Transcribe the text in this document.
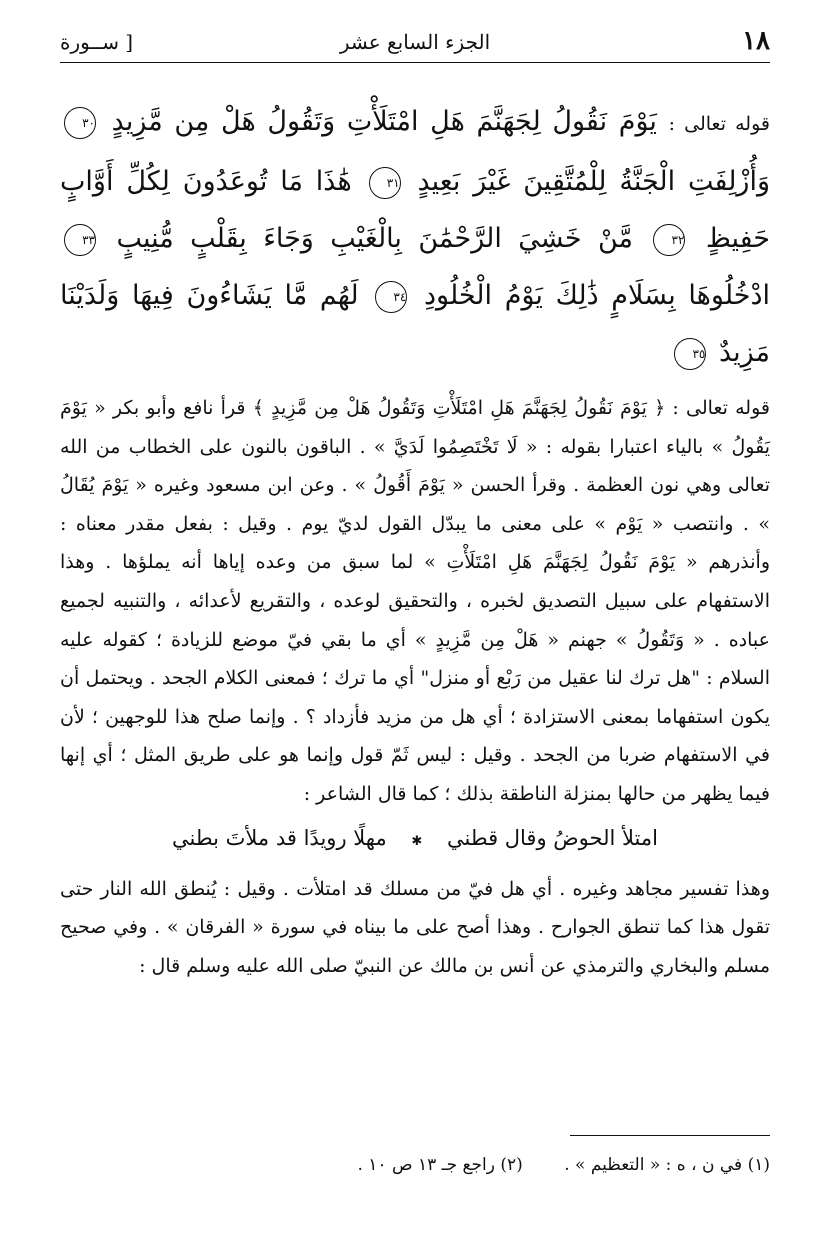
١٨
الجزء السابع عشر
[ ســورة
قوله تعالى : يَوْمَ نَقُولُ لِجَهَنَّمَ هَلِ امْتَلَأْتِ وَتَقُولُ هَلْ مِن مَّزِيدٍ ٣٠ وَأُزْلِفَتِ الْجَنَّةُ لِلْمُتَّقِينَ غَيْرَ بَعِيدٍ ٣١ هَٰذَا مَا تُوعَدُونَ لِكُلِّ أَوَّابٍ حَفِيظٍ ٣٢ مَّنْ خَشِيَ الرَّحْمَٰنَ بِالْغَيْبِ وَجَاءَ بِقَلْبٍ مُّنِيبٍ ٣٣ ادْخُلُوهَا بِسَلَامٍ ذَٰلِكَ يَوْمُ الْخُلُودِ ٣٤ لَهُم مَّا يَشَاءُونَ فِيهَا وَلَدَيْنَا مَزِيدٌ ٣٥

قوله تعالى : ﴿ يَوْمَ نَقُولُ لِجَهَنَّمَ هَلِ امْتَلَأْتِ وَتَقُولُ هَلْ مِن مَّزِيدٍ ﴾ قرأ نافع وأبو بكر « يَوْمَ يَقُولُ » بالياء اعتبارا بقوله : « لَا تَخْتَصِمُوا لَدَيَّ » . الباقون بالنون على الخطاب من الله تعالى وهي نون العظمة . وقرأ الحسن « يَوْمَ أَقُولُ » . وعن ابن مسعود وغيره « يَوْمَ يُقَالُ » . وانتصب « يَوْم » على معنى ما يبدّل القول لديّ يوم . وقيل : بفعل مقدر معناه : وأنذرهم « يَوْمَ نَقُولُ لِجَهَنَّمَ هَلِ امْتَلَأْتِ » لما سبق من وعده إياها أنه يملؤها . وهذا الاستفهام على سبيل التصديق لخبره ، والتحقيق لوعده ، والتقريع لأعدائه ، والتنبيه لجميع عباده . « وَتَقُولُ » جهنم « هَلْ مِن مَّزِيدٍ » أي ما بقي فيّ موضع للزيادة ؛ كقوله عليه السلام : "هل ترك لنا عقيل من رَبْع أو منزل" أي ما ترك ؛ فمعنى الكلام الجحد . ويحتمل أن يكون استفهاما بمعنى الاستزادة ؛ أي هل من مزيد فأزداد ؟ . وإنما صلح هذا للوجهين ؛ لأن في الاستفهام ضربا من الجحد . وقيل : ليس ثَمّ قول وإنما هو على طريق المثل ؛ أي إنها فيما يظهر من حالها بمنزلة الناطقة بذلك ؛ كما قال الشاعر :

امتلأ الحوضُ وقال قطني ✱ مهلًا رويدًا قد ملأتَ بطني

وهذا تفسير مجاهد وغيره . أي هل فيّ من مسلك قد امتلأت . وقيل : يُنطق الله النار حتى تقول هذا كما تنطق الجوارح . وهذا أصح على ما بيناه في سورة « الفرقان » . وفي صحيح مسلم والبخاري والترمذي عن أنس بن مالك عن النبيّ صلى الله عليه وسلم قال :

(١) في ن ، ه : « التعظيم » . (٢) راجع جـ ١٣ ص ١٠ .
